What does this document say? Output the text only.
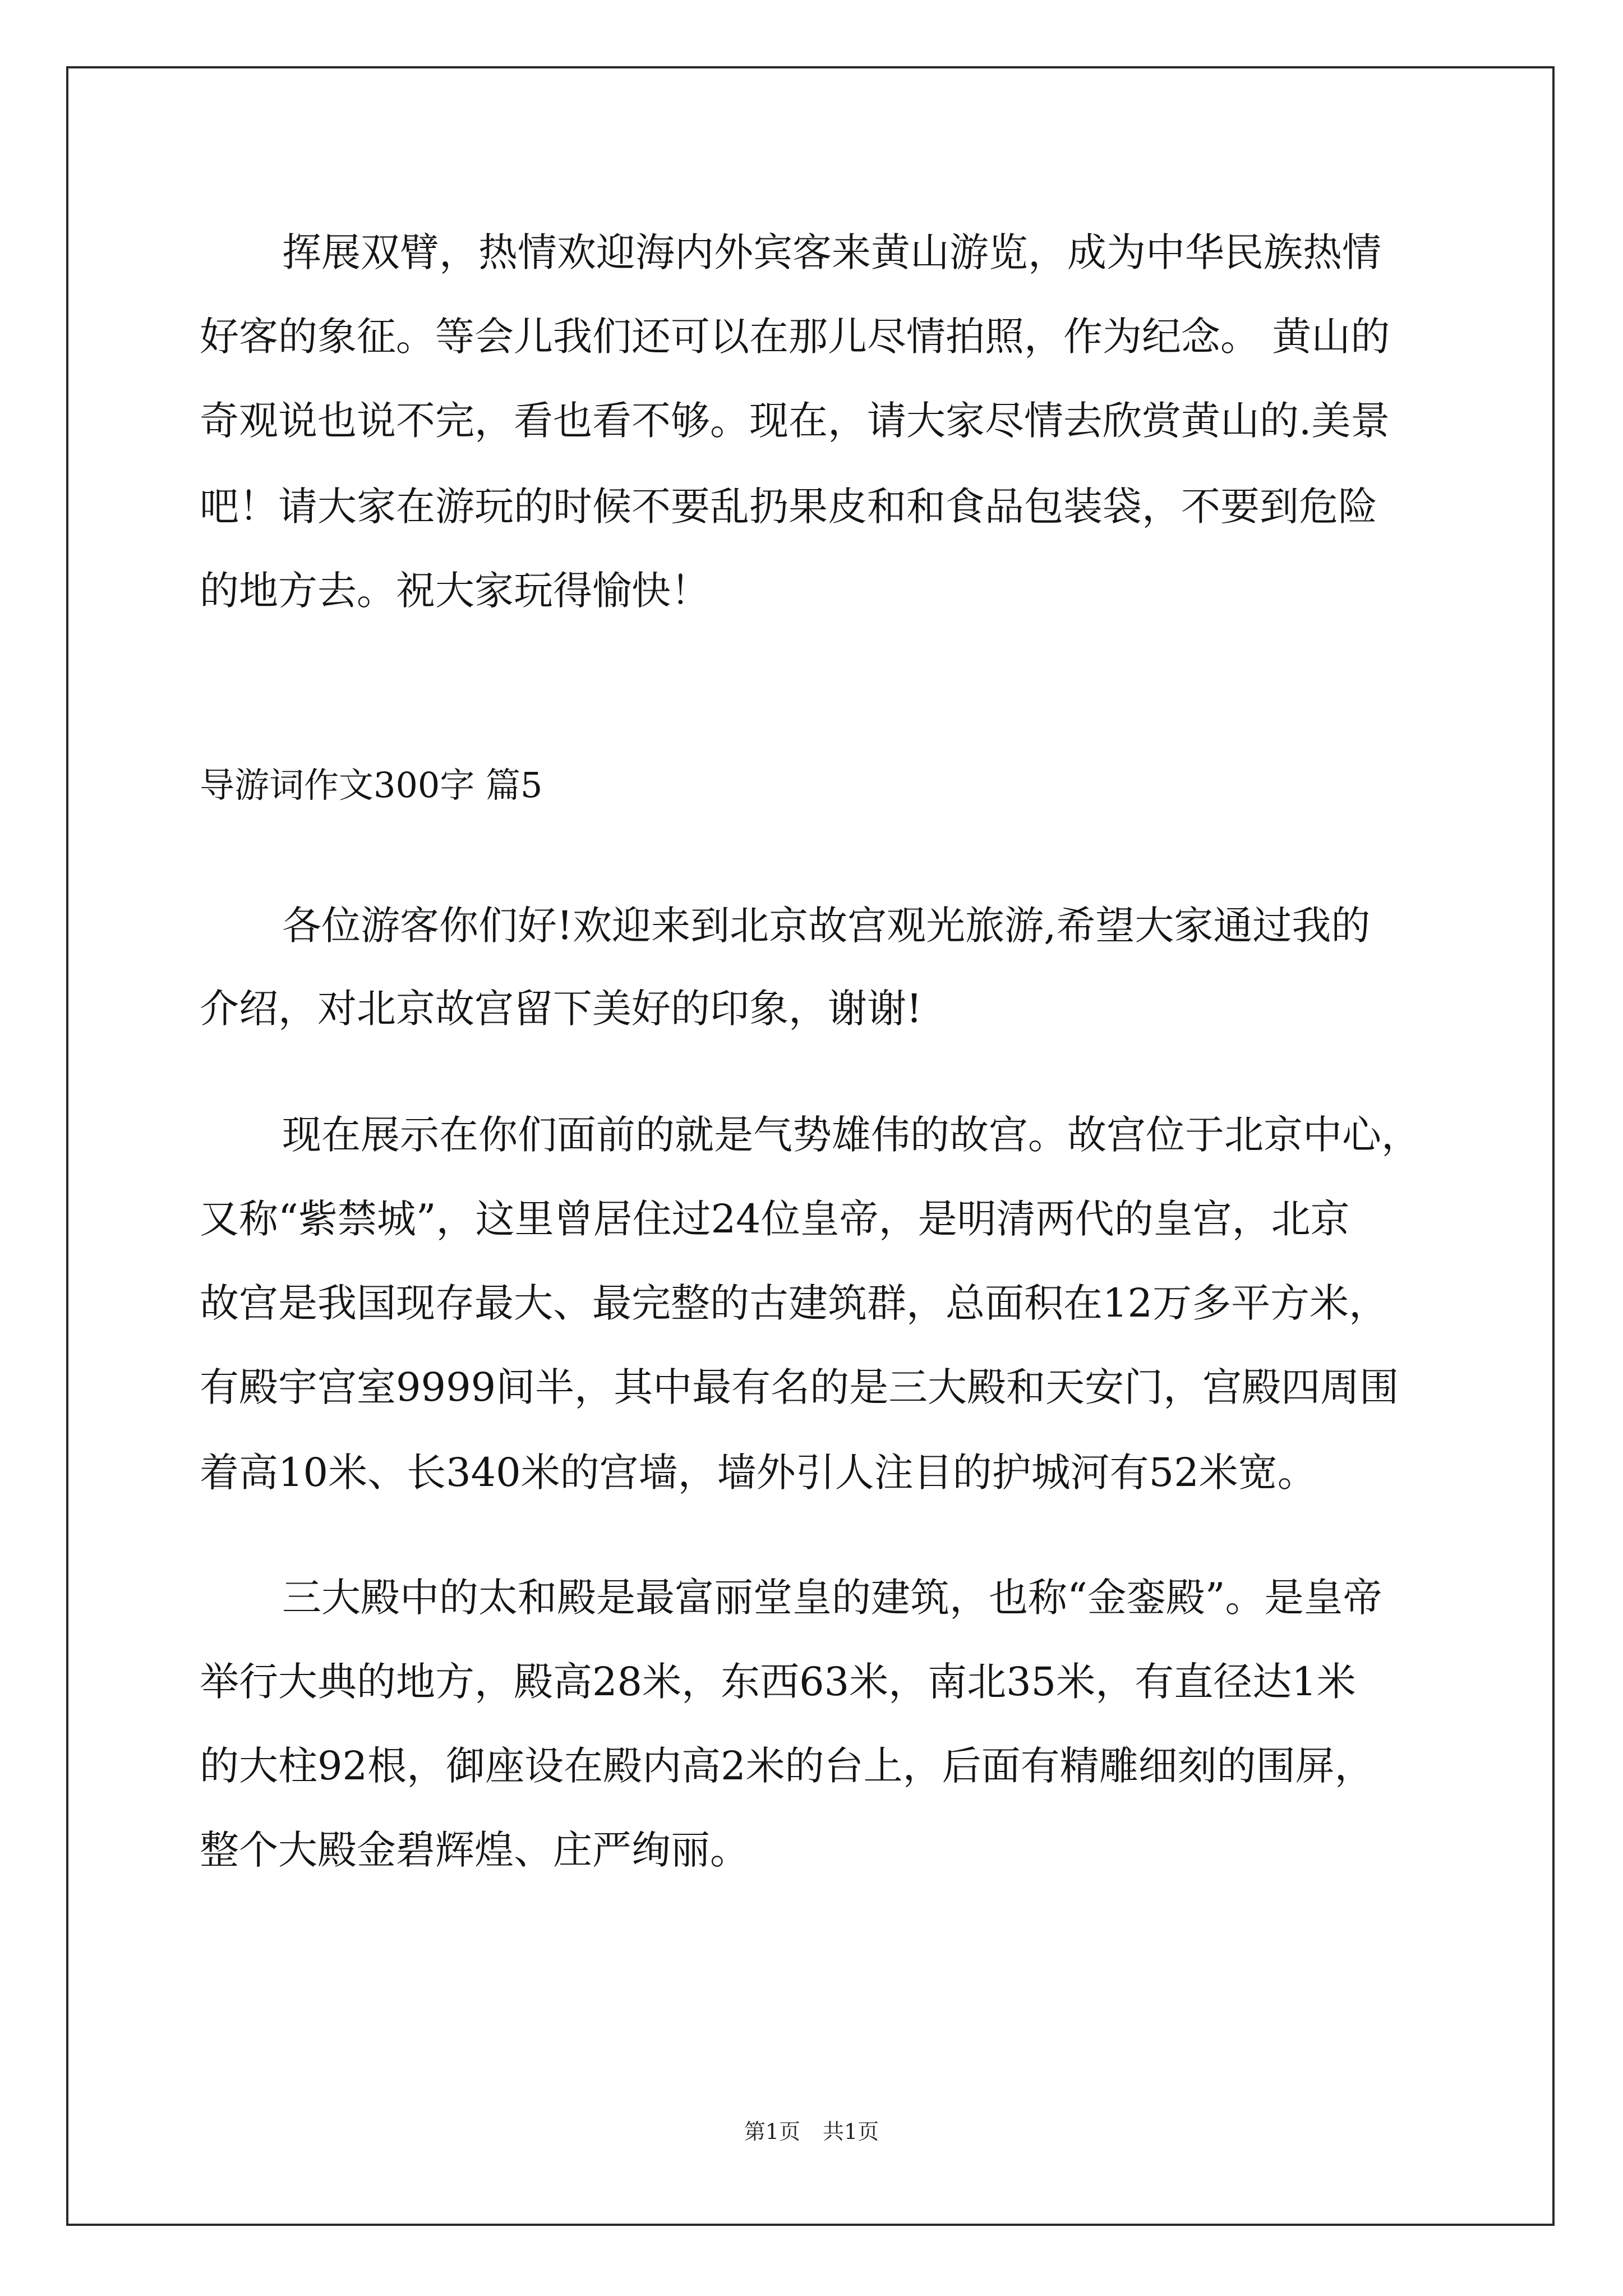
挥展双臂，热情欢迎海内外宾客来黄山游览，成为中华民族热情
好客的象征。等会儿我们还可以在那儿尽情拍照，作为纪念。 黄山的
奇观说也说不完，看也看不够。现在，请大家尽情去欣赏黄山的.美景
吧！请大家在游玩的时候不要乱扔果皮和和食品包装袋，不要到危险
的地方去。祝大家玩得愉快！
导游词作文300字 篇5
各位游客你们好!欢迎来到北京故宫观光旅游,希望大家通过我的
介绍，对北京故宫留下美好的印象，谢谢!
现在展示在你们面前的就是气势雄伟的故宫。故宫位于北京中心，
又称“紫禁城”，这里曾居住过24位皇帝，是明清两代的皇宫，北京
故宫是我国现存最大、最完整的古建筑群，总面积在12万多平方米，
有殿宇宫室9999间半，其中最有名的是三大殿和天安门，宫殿四周围
着高10米、长340米的宫墙，墙外引人注目的护城河有52米宽。
三大殿中的太和殿是最富丽堂皇的建筑，也称“金銮殿”。是皇帝
举行大典的地方，殿高28米，东西63米，南北35米，有直径达1米
的大柱92根，御座设在殿内高2米的台上，后面有精雕细刻的围屏，
整个大殿金碧辉煌、庄严绚丽。
第1页 共1页
